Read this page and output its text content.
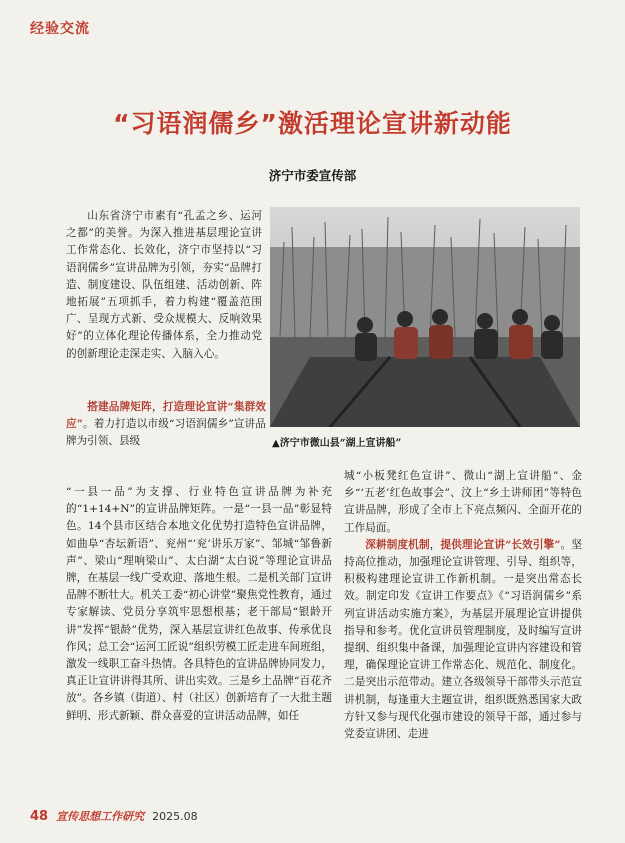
经验交流
“习语润儒乡”激活理论宣讲新动能
济宁市委宣传部

山东省济宁市素有“孔孟之乡、运河之都”的美誉。为深入推进基层理论宣讲工作常态化、长效化，济宁市坚持以“习语润儒乡”宣讲品牌为引领，夯实“品牌打造、制度建设、队伍组建、活动创新、阵地拓展”五项抓手，着力构建“覆盖范围广、呈现方式新、受众规模大、反响效果好”的立体化理论传播体系，全力推动党的创新理论走深走实、入脑入心。

搭建品牌矩阵，打造理论宣讲“集群效应”。着力打造以市级“习语润儒乡”宣讲品牌为引领、县级

“一县一品”为支撑、行业特色宣讲品牌为补充的“1+14+N”的宣讲品牌矩阵。一是“一县一品”彰显特色。14个县市区结合本地文化优势打造特色宣讲品牌，如曲阜“杏坛新语”、兖州“‘兖’讲乐万家”、邹城“邹鲁新声”、梁山“理响梁山”、太白湖“太白说”等理论宣讲品牌，在基层一线广受欢迎、落地生根。二是机关部门宣讲品牌不断壮大。机关工委“初心讲堂”聚焦党性教育，通过专家解读、党员分享筑牢思想根基；老干部局“银龄开讲”发挥“银龄”优势，深入基层宣讲红色故事、传承优良作风；总工会“运河工匠说”组织劳模工匠走进车间班组，激发一线职工奋斗热情。各具特色的宣讲品牌协同发力，真正让宣讲讲得其所、讲出实效。三是乡土品牌“百花齐放”。各乡镇（街道）、村（社区）创新培育了一大批主题鲜明、形式新颖、群众喜爱的宣讲活动品牌，如任

▲济宁市微山县“湖上宣讲船”

城“小板凳红色宣讲”、微山“湖上宣讲船”、金乡“‘五老’红色故事会”、汶上“乡土讲师团”等特色宣讲品牌，形成了全市上下亮点频闪、全面开花的工作局面。

深耕制度机制，提供理论宣讲“长效引擎”。坚持高位推动，加强理论宣讲管理、引导、组织等，积极构建理论宣讲工作新机制。一是突出常态长效。制定印发《宣讲工作要点》《“习语润儒乡”系列宣讲活动实施方案》，为基层开展理论宣讲提供指导和参考。优化宣讲员管理制度，及时编写宣讲提纲、组织集中备课，加强理论宣讲内容建设和管理，确保理论宣讲工作常态化、规范化、制度化。二是突出示范带动。建立各级领导干部带头示范宣讲机制，每逢重大主题宣讲，组织既熟悉国家大政方针又参与现代化强市建设的领导干部，通过参与党委宣讲团、走进

48 宣传思想工作研究 2025.08
